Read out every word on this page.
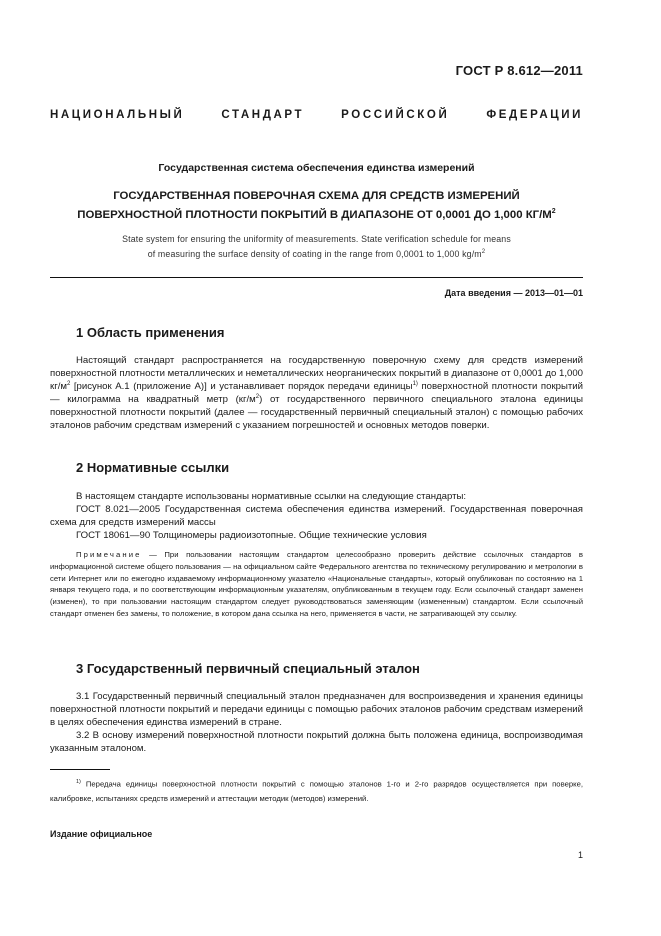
ГОСТ Р 8.612—2011
НАЦИОНАЛЬНЫЙ СТАНДАРТ РОССИЙСКОЙ ФЕДЕРАЦИИ
Государственная система обеспечения единства измерений
ГОСУДАРСТВЕННАЯ ПОВЕРОЧНАЯ СХЕМА ДЛЯ СРЕДСТВ ИЗМЕРЕНИЙ
ПОВЕРХНОСТНОЙ ПЛОТНОСТИ ПОКРЫТИЙ В ДИАПАЗОНЕ ОТ 0,0001 ДО 1,000 $КГ/М^2$
State system for ensuring the uniformity of measurements. State verification schedule for means
of measuring the surface density of coating in the range from 0,0001 to 1,000 $kg/m^2$
Дата введения — 2013—01—01
1 Область применения

Настоящий стандарт распространяется на государственную поверочную схему для средств измерений поверхностной плотности металлических и неметаллических неорганических покрытий в диапазоне от 0,0001 до 1,000 $кг/м^2$ [рисунок А.1 (приложение А)] и устанавливает порядок передачи единицы$^{1)}$ поверхностной плотности покрытий — килограмма на квадратный метр $(кг/м^2)$ от государственного первичного специального эталона единицы поверхностной плотности покрытий (далее — государственный первичный специальный эталон) с помощью рабочих эталонов рабочим средствам измерений с указанием погрешностей и основных методов поверки.

2 Нормативные ссылки

В настоящем стандарте использованы нормативные ссылки на следующие стандарты:

ГОСТ 8.021—2005 Государственная система обеспечения единства измерений. Государственная поверочная схема для средств измерений массы

ГОСТ 18061—90 Толщиномеры радиоизотопные. Общие технические условия

Примечание — При пользовании настоящим стандартом целесообразно проверить действие ссылочных стандартов в информационной системе общего пользования — на официальном сайте Федерального агентства по техническому регулированию и метрологии в сети Интернет или по ежегодно издаваемому информационному указателю «Национальные стандарты», который опубликован по состоянию на 1 января текущего года, и по соответствующим информационным указателям, опубликованным в текущем году. Если ссылочный стандарт заменен (изменен), то при пользовании настоящим стандартом следует руководствоваться заменяющим (измененным) стандартом. Если ссылочный стандарт отменен без замены, то положение, в котором дана ссылка на него, применяется в части, не затрагивающей эту ссылку.

3 Государственный первичный специальный эталон

3.1 Государственный первичный специальный эталон предназначен для воспроизведения и хранения единицы поверхностной плотности покрытий и передачи единицы с помощью рабочих эталонов рабочим средствам измерений в целях обеспечения единства измерений в стране.

3.2 В основу измерений поверхностной плотности покрытий должна быть положена единица, воспроизводимая указанным эталоном.

$^{1)}$ Передача единицы поверхностной плотности покрытий с помощью эталонов 1-го и 2-го разрядов осуществляется при поверке, калибровке, испытаниях средств измерений и аттестации методик (методов) измерений.

Издание официальное
1
